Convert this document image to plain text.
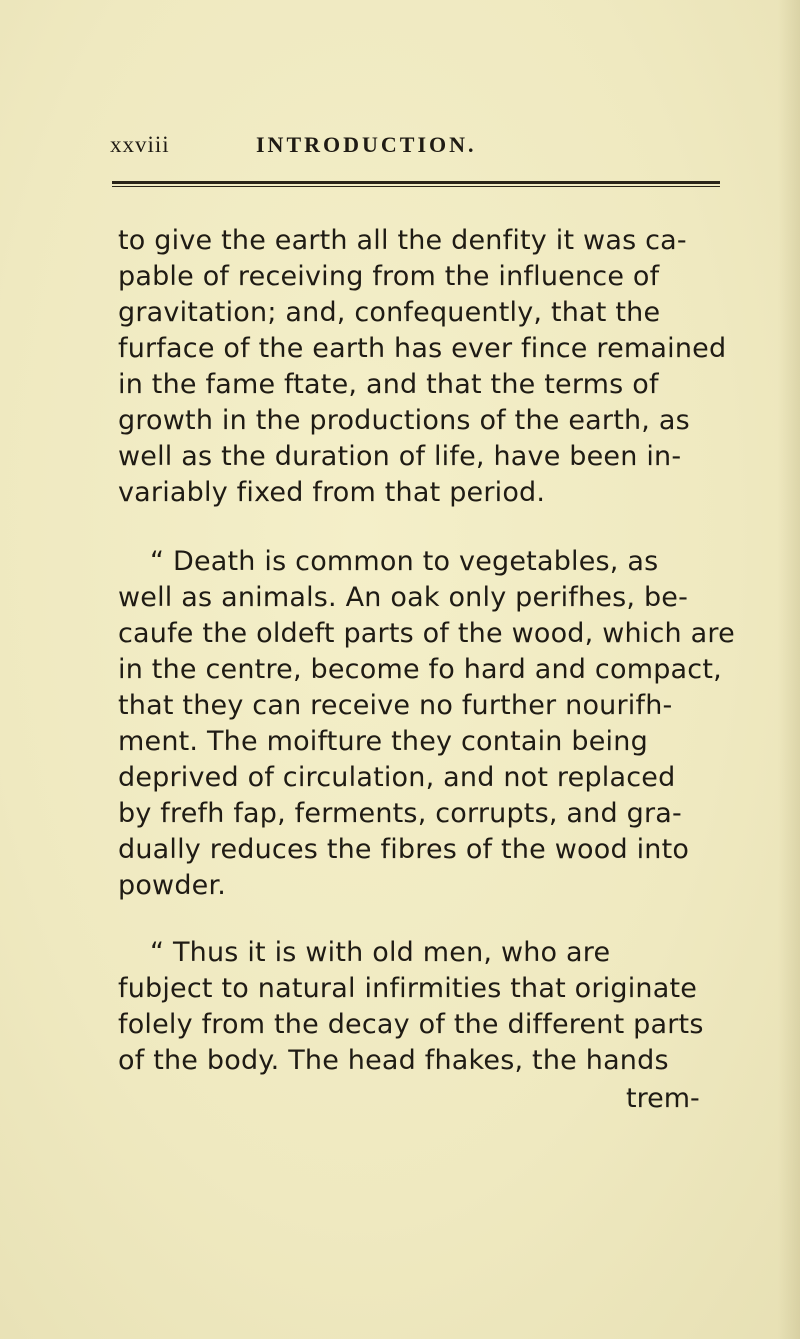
xxviii	INTRODUCTION.
to give the earth all the denfity it was ca-
pable of receiving from the influence of
gravitation; and, confequently, that the
furface of the earth has ever fince remained
in the fame ftate, and that the terms of
growth in the productions of the earth, as
well as the duration of life, have been in-
variably fixed from that period.
“ Death is common to vegetables, as
well as animals. An oak only perifhes, be-
caufe the oldeft parts of the wood, which are
in the centre, become fo hard and compact,
that they can receive no further nourifh-
ment. The moifture they contain being
deprived of circulation, and not replaced
by frefh fap, ferments, corrupts, and gra-
dually reduces the fibres of the wood into
powder.
“ Thus it is with old men, who are
fubject to natural infirmities that originate
folely from the decay of the different parts
of the body. The head fhakes, the hands
trem-
